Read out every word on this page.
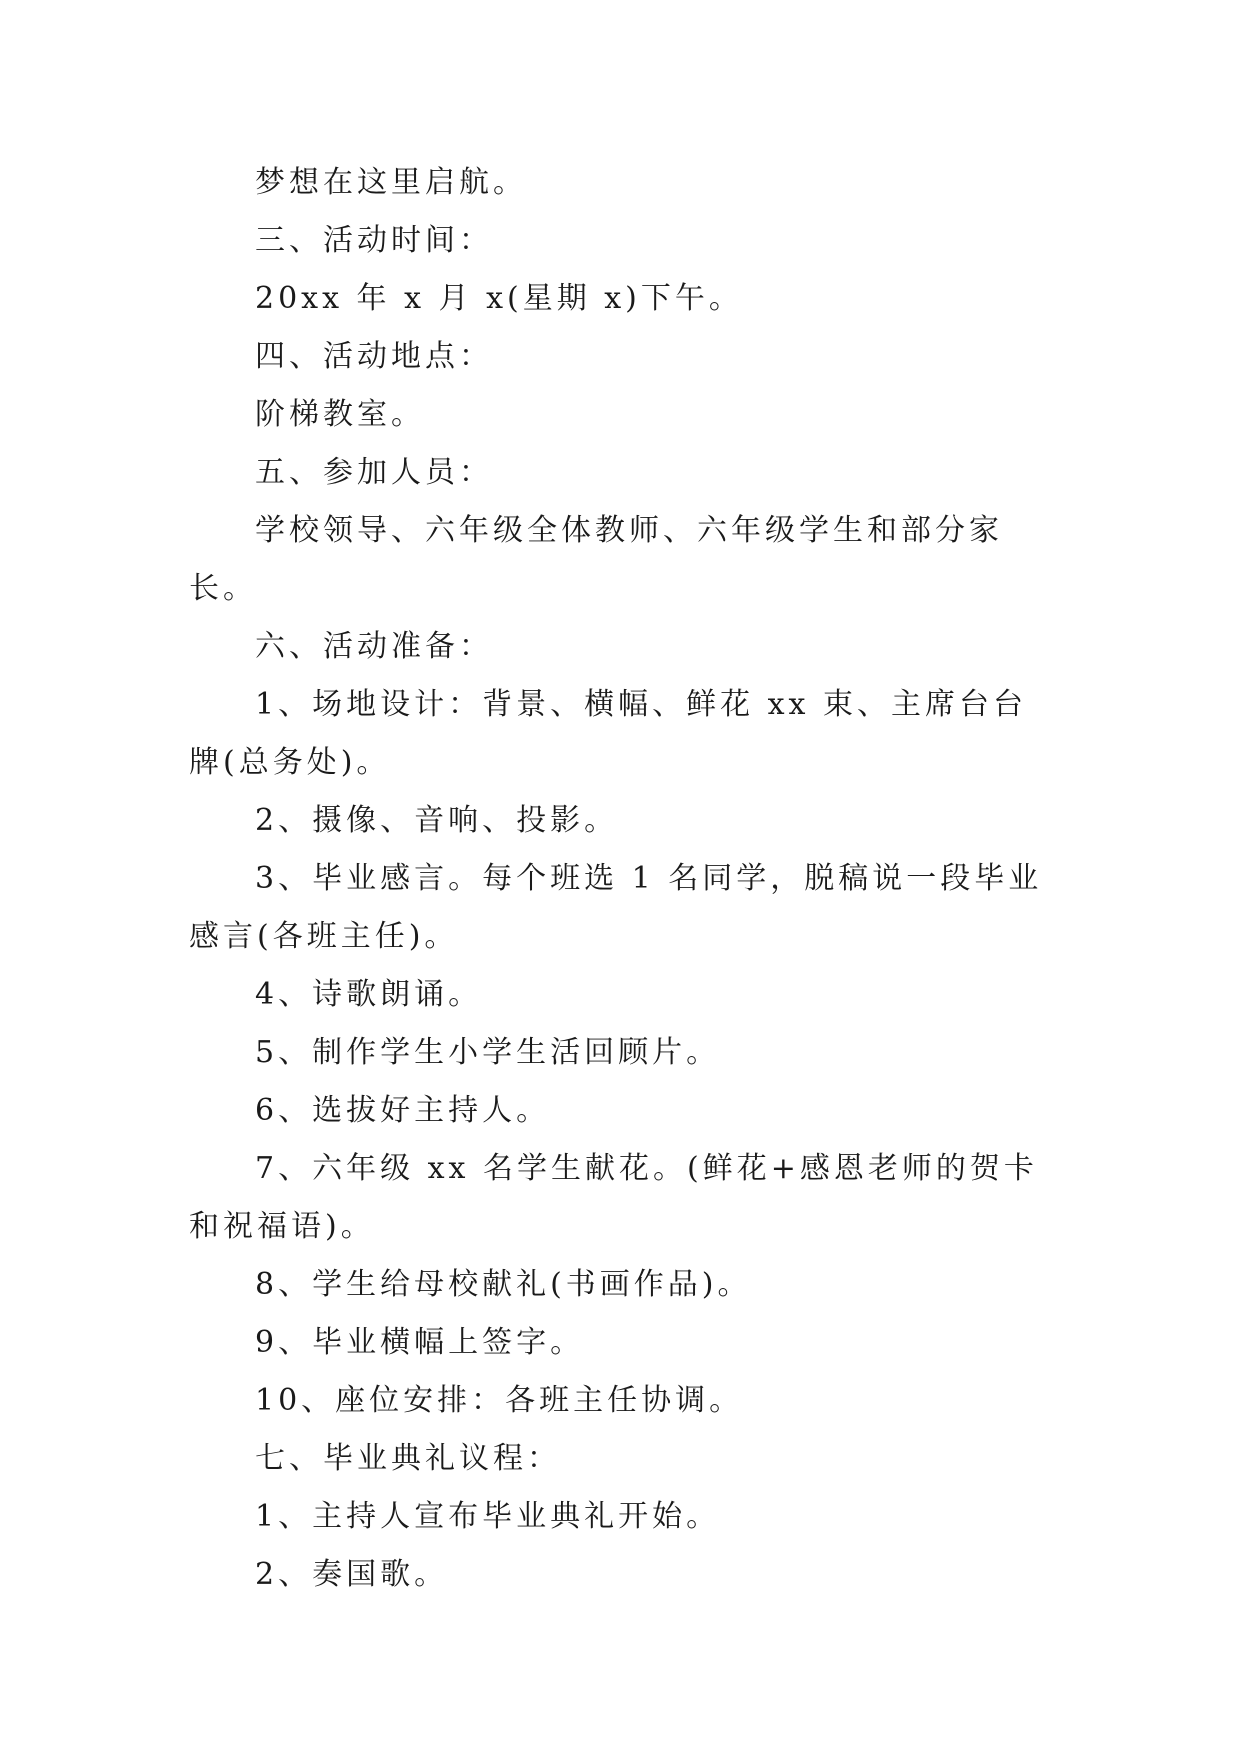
梦想在这里启航。

三、活动时间：

20xx 年 x 月 x(星期 x)下午。

四、活动地点：

阶梯教室。

五、参加人员：

学校领导、六年级全体教师、六年级学生和部分家长。

六、活动准备：

1、场地设计：背景、横幅、鲜花 xx 束、主席台台牌(总务处)。

2、摄像、音响、投影。

3、毕业感言。每个班选 1 名同学，脱稿说一段毕业感言(各班主任)。

4、诗歌朗诵。

5、制作学生小学生活回顾片。

6、选拔好主持人。

7、六年级 xx 名学生献花。(鲜花+感恩老师的贺卡和祝福语)。

8、学生给母校献礼(书画作品)。

9、毕业横幅上签字。

10、座位安排：各班主任协调。

七、毕业典礼议程：

1、主持人宣布毕业典礼开始。

2、奏国歌。
